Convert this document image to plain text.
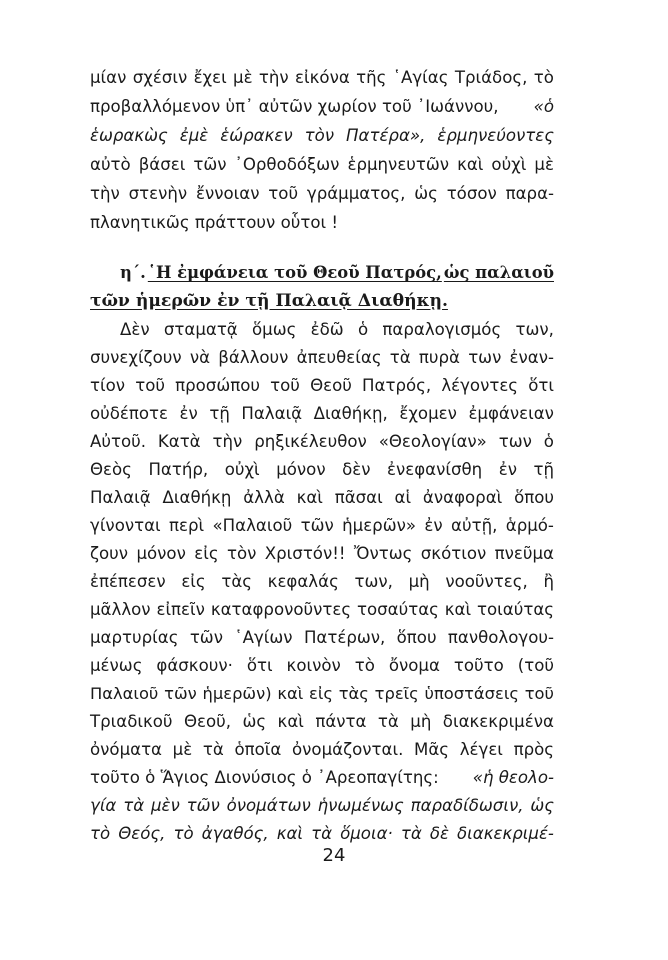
μίαν σχέσιν ἔχει μὲ τὴν εἰκόνα τῆς ῾Αγίας Τριάδος, τὸ
προβαλλόμενον ὑπ᾿ αὐτῶν χωρίον τοῦ ᾿Ιωάννου, «ὁ
ἑωρακὼς ἐμὲ ἑώρακεν τὸν Πατέρα», ἑρμηνεύοντες
αὐτὸ βάσει τῶν ᾿Ορθοδόξων ἑρμηνευτῶν καὶ οὐχὶ μὲ
τὴν στενὴν ἔννοιαν τοῦ γράμματος, ὡς τόσον παρα-
πλανητικῶς πράττουν οὗτοι !
η´. ῾Η ἐμφάνεια τοῦ Θεοῦ Πατρός, ὡς παλαιοῦ
τῶν ἡμερῶν ἐν τῇ Παλαιᾷ Διαθήκῃ.
Δὲν σταματᾷ ὅμως ἐδῶ ὁ παραλογισμός των,
συνεχίζουν νὰ βάλλουν ἀπευθείας τὰ πυρὰ των ἐναν-
τίον τοῦ προσώπου τοῦ Θεοῦ Πατρός, λέγοντες ὅτι
οὐδέποτε ἐν τῇ Παλαιᾷ Διαθήκῃ, ἔχομεν ἐμφάνειαν
Αὐτοῦ. Κατὰ τὴν ρηξικέλευθον «Θεολογίαν» των ὁ
Θεὸς Πατήρ, οὐχὶ μόνον δὲν ἐνεφανίσθη ἐν τῇ
Παλαιᾷ Διαθήκῃ ἀλλὰ καὶ πᾶσαι αἱ ἀναφοραὶ ὅπου
γίνονται περὶ «Παλαιοῦ τῶν ἡμερῶν» ἐν αὐτῇ, ἁρμό-
ζουν μόνον εἰς τὸν Χριστόν!! Ὄντως σκότιον πνεῦμα
ἐπέπεσεν εἰς τὰς κεφαλάς των, μὴ νοοῦντες, ἢ
μᾶλλον εἰπεῖν καταφρονοῦντες τοσαύτας καὶ τοιαύτας
μαρτυρίας τῶν ῾Αγίων Πατέρων, ὅπου πανθολογου-
μένως φάσκουν· ὅτι κοινὸν τὸ ὄνομα τοῦτο (τοῦ
Παλαιοῦ τῶν ἡμερῶν) καὶ εἰς τὰς τρεῖς ὑποστάσεις τοῦ
Τριαδικοῦ Θεοῦ, ὡς καὶ πάντα τὰ μὴ διακεκριμένα
ὀνόματα μὲ τὰ ὁποῖα ὀνομάζονται. Μᾶς λέγει πρὸς
τοῦτο ὁ Ἅγιος Διονύσιος ὁ ᾿Αρεοπαγίτης: «ἡ θεολο-
γία τὰ μὲν τῶν ὀνομάτων ἡνωμένως παραδίδωσιν, ὡς
τὸ Θεός, τὸ ἀγαθός, καὶ τὰ ὅμοια· τὰ δὲ διακεκριμέ-
24
